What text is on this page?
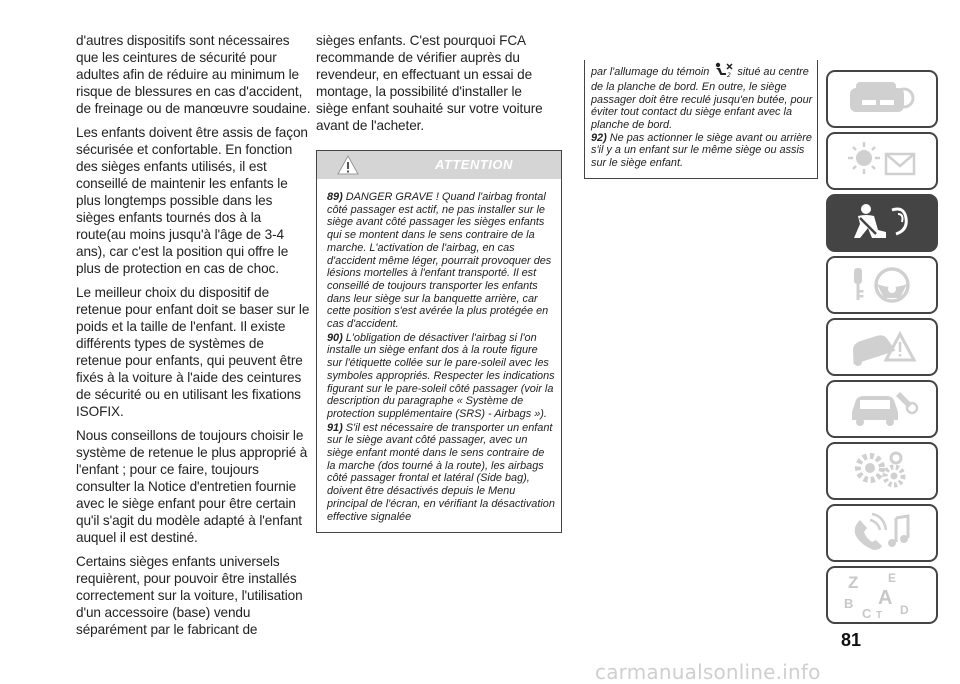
d'autres dispositifs sont nécessaires que les ceintures de sécurité pour adultes afin de réduire au minimum le risque de blessures en cas d'accident, de freinage ou de manœuvre soudaine.

Les enfants doivent être assis de façon sécurisée et confortable. En fonction des sièges enfants utilisés, il est conseillé de maintenir les enfants le plus longtemps possible dans les sièges enfants tournés dos à la route(au moins jusqu'à l'âge de 3-4 ans), car c'est la position qui offre le plus de protection en cas de choc.

Le meilleur choix du dispositif de retenue pour enfant doit se baser sur le poids et la taille de l'enfant. Il existe différents types de systèmes de retenue pour enfants, qui peuvent être fixés à la voiture à l'aide des ceintures de sécurité ou en utilisant les fixations ISOFIX.

Nous conseillons de toujours choisir le système de retenue le plus approprié à l'enfant ; pour ce faire, toujours consulter la Notice d'entretien fournie avec le siège enfant pour être certain qu'il s'agit du modèle adapté à l'enfant auquel il est destiné.

Certains sièges enfants universels requièrent, pour pouvoir être installés correctement sur la voiture, l'utilisation d'un accessoire (base) vendu séparément par le fabricant de

sièges enfants. C'est pourquoi FCA recommande de vérifier auprès du revendeur, en effectuant un essai de montage, la possibilité d'installer le siège enfant souhaité sur votre voiture avant de l'acheter.

ATTENTION

89) DANGER GRAVE ! Quand l'airbag frontal côté passager est actif, ne pas installer sur le siège avant côté passager les sièges enfants qui se montent dans le sens contraire de la marche. L'activation de l'airbag, en cas d'accident même léger, pourrait provoquer des lésions mortelles à l'enfant transporté. Il est conseillé de toujours transporter les enfants dans leur siège sur la banquette arrière, car cette position s'est avérée la plus protégée en cas d'accident.

90) L'obligation de désactiver l'airbag si l'on installe un siège enfant dos à la route figure sur l'étiquette collée sur le pare-soleil avec les symboles appropriés. Respecter les indications figurant sur le pare-soleil côté passager (voir la description du paragraphe « Système de protection supplémentaire (SRS) - Airbags »).

91) S'il est nécessaire de transporter un enfant sur le siège avant côté passager, avec un siège enfant monté dans le sens contraire de la marche (dos tourné à la route), les airbags côté passager frontal et latéral (Side bag), doivent être désactivés depuis le Menu principal de l'écran, en vérifiant la désactivation effective signalée

par l'allumage du témoin	2 situé au centre de la planche de bord. En outre, le siège passager doit être reculé jusqu'en butée, pour éviter tout contact du siège enfant avec la planche de bord.

92) Ne pas actionner le siège avant ou arrière s'il y a un enfant sur le même siège ou assis sur le siège enfant.

Z E
B A
C D
T
81
carmanualsonline.info
